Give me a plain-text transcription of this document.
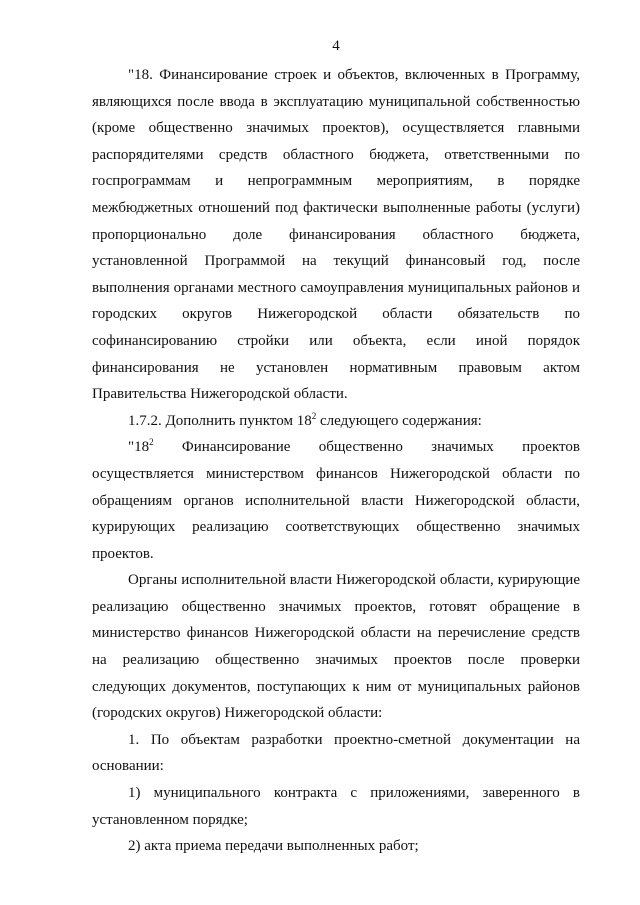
4

"18. Финансирование строек и объектов, включенных в Программу, являющихся после ввода в эксплуатацию муниципальной собственностью (кроме общественно значимых проектов), осуществляется главными распорядителями средств областного бюджета, ответственными по госпрограммам и непрограммным мероприятиям, в порядке межбюджетных отношений под фактически выполненные работы (услуги) пропорционально доле финансирования областного бюджета, установленной Программой на текущий финансовый год, после выполнения органами местного самоуправления муниципальных районов и городских округов Нижегородской области обязательств по софинансированию стройки или объекта, если иной порядок финансирования не установлен нормативным правовым актом Правительства Нижегородской области.

1.7.2. Дополнить пунктом $18^2$ следующего содержания:

"$18^2$ Финансирование общественно значимых проектов осуществляется министерством финансов Нижегородской области по обращениям органов исполнительной власти Нижегородской области, курирующих реализацию соответствующих общественно значимых проектов.

Органы исполнительной власти Нижегородской области, курирующие реализацию общественно значимых проектов, готовят обращение в министерство финансов Нижегородской области на перечисление средств на реализацию общественно значимых проектов после проверки следующих документов, поступающих к ним от муниципальных районов (городских округов) Нижегородской области:

1. По объектам разработки проектно-сметной документации на основании:

1) муниципального контракта с приложениями, заверенного в установленном порядке;

2) акта приема передачи выполненных работ;
